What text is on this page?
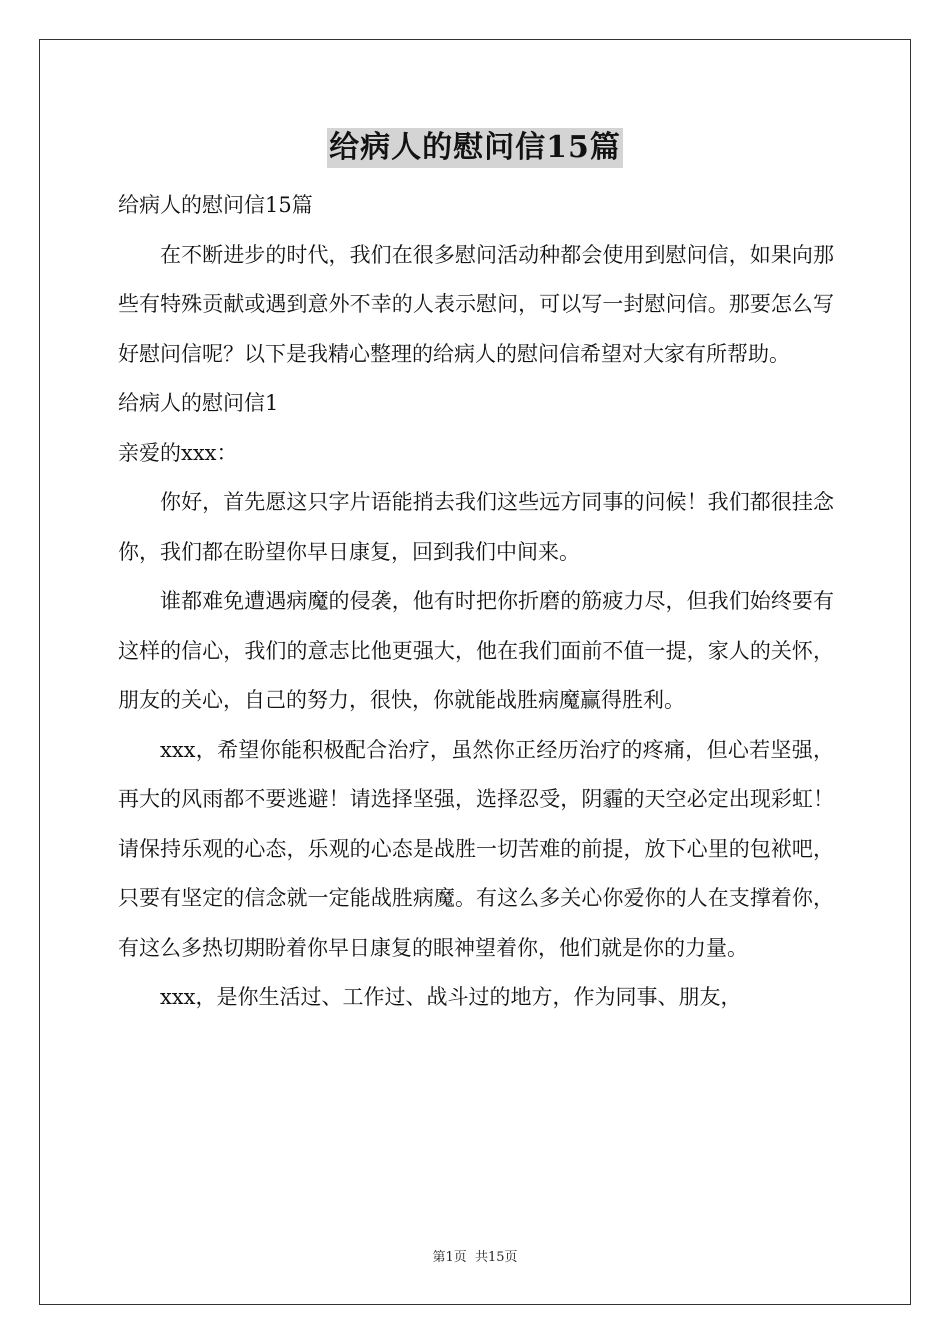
给病人的慰问信15篇

给病人的慰问信15篇

在不断进步的时代，我们在很多慰问活动种都会使用到慰问信，如果向那些有特殊贡献或遇到意外不幸的人表示慰问，可以写一封慰问信。那要怎么写好慰问信呢？以下是我精心整理的给病人的慰问信希望对大家有所帮助。

给病人的慰问信1

亲爱的xxx：

你好，首先愿这只字片语能捎去我们这些远方同事的问候！我们都很挂念你，我们都在盼望你早日康复，回到我们中间来。

谁都难免遭遇病魔的侵袭，他有时把你折磨的筋疲力尽，但我们始终要有这样的信心，我们的意志比他更强大，他在我们面前不值一提，家人的关怀，朋友的关心，自己的努力，很快，你就能战胜病魔赢得胜利。

xxx，希望你能积极配合治疗，虽然你正经历治疗的疼痛，但心若坚强，再大的风雨都不要逃避！请选择坚强，选择忍受，阴霾的天空必定出现彩虹！请保持乐观的心态，乐观的心态是战胜一切苦难的前提，放下心里的包袱吧，只要有坚定的信念就一定能战胜病魔。有这么多关心你爱你的人在支撑着你，有这么多热切期盼着你早日康复的眼神望着你，他们就是你的力量。

xxx，是你生活过、工作过、战斗过的地方，作为同事、朋友，

第1页 共15页
